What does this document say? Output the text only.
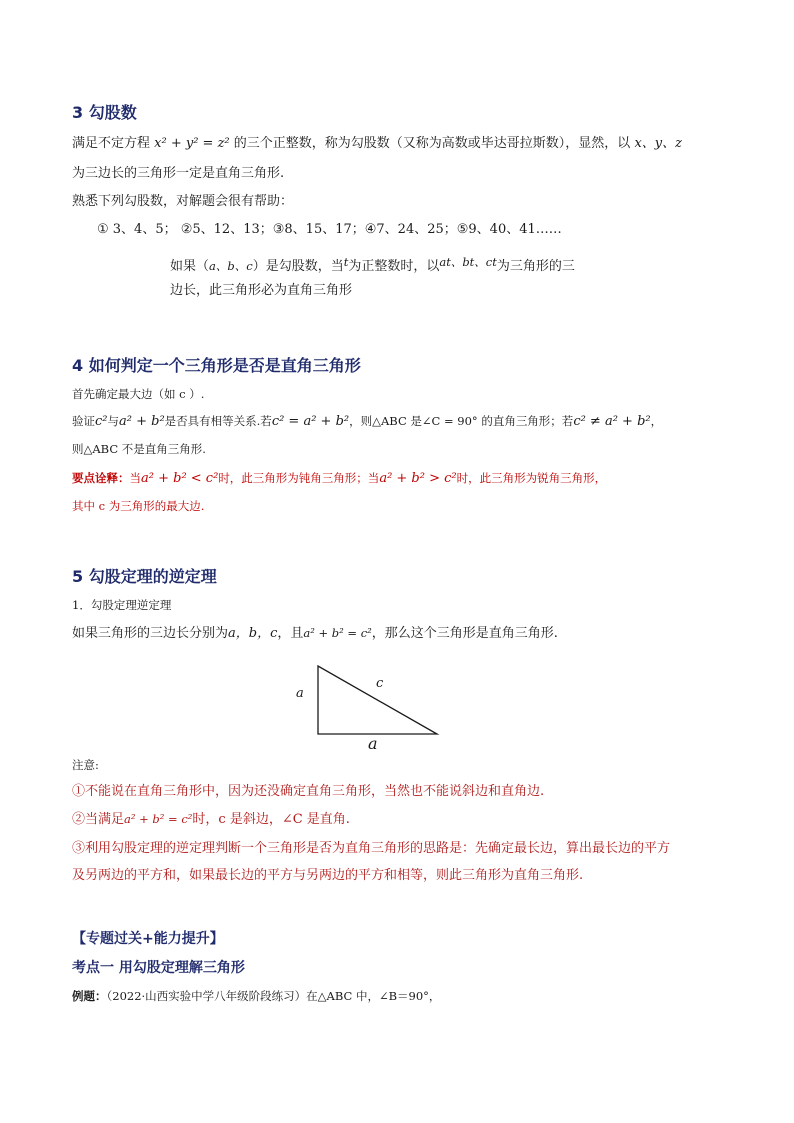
3 勾股数
满足不定方程 x² + y² = z² 的三个正整数，称为勾股数（又称为高数或毕达哥拉斯数），显然，以 x、y、z
为三边长的三角形一定是直角三角形.
熟悉下列勾股数，对解题会很有帮助：
① 3、4、5； ②5、12、13；③8、15、17；④7、24、25；⑤9、40、41……
如果（a、b、c）是勾股数，当t为正整数时，以at、bt、ct为三角形的三
边长，此三角形必为直角三角形
4 如何判定一个三角形是否是直角三角形
首先确定最大边（如 c ）.
验证c²与a² + b²是否具有相等关系.若c² = a² + b²，则△ABC 是∠C = 90° 的直角三角形；若c² ≠ a² + b²，
则△ABC 不是直角三角形.
要点诠释：当a² + b² < c²时，此三角形为钝角三角形；当a² + b² > c²时，此三角形为锐角三角形，
其中 c 为三角形的最大边.
5 勾股定理的逆定理
1．勾股定理逆定理
如果三角形的三边长分别为a，b，c，且a² + b² = c²，那么这个三角形是直角三角形.
a
c
a
注意:
①不能说在直角三角形中，因为还没确定直角三角形，当然也不能说斜边和直角边.
②当满足a² + b² = c²时，c 是斜边，∠C 是直角.
③利用勾股定理的逆定理判断一个三角形是否为直角三角形的思路是：先确定最长边，算出最长边的平方
及另两边的平方和，如果最长边的平方与另两边的平方和相等，则此三角形为直角三角形.
【专题过关+能力提升】
考点一 用勾股定理解三角形
例题：（2022·山西实验中学八年级阶段练习）在△ABC 中，∠B＝90°，
